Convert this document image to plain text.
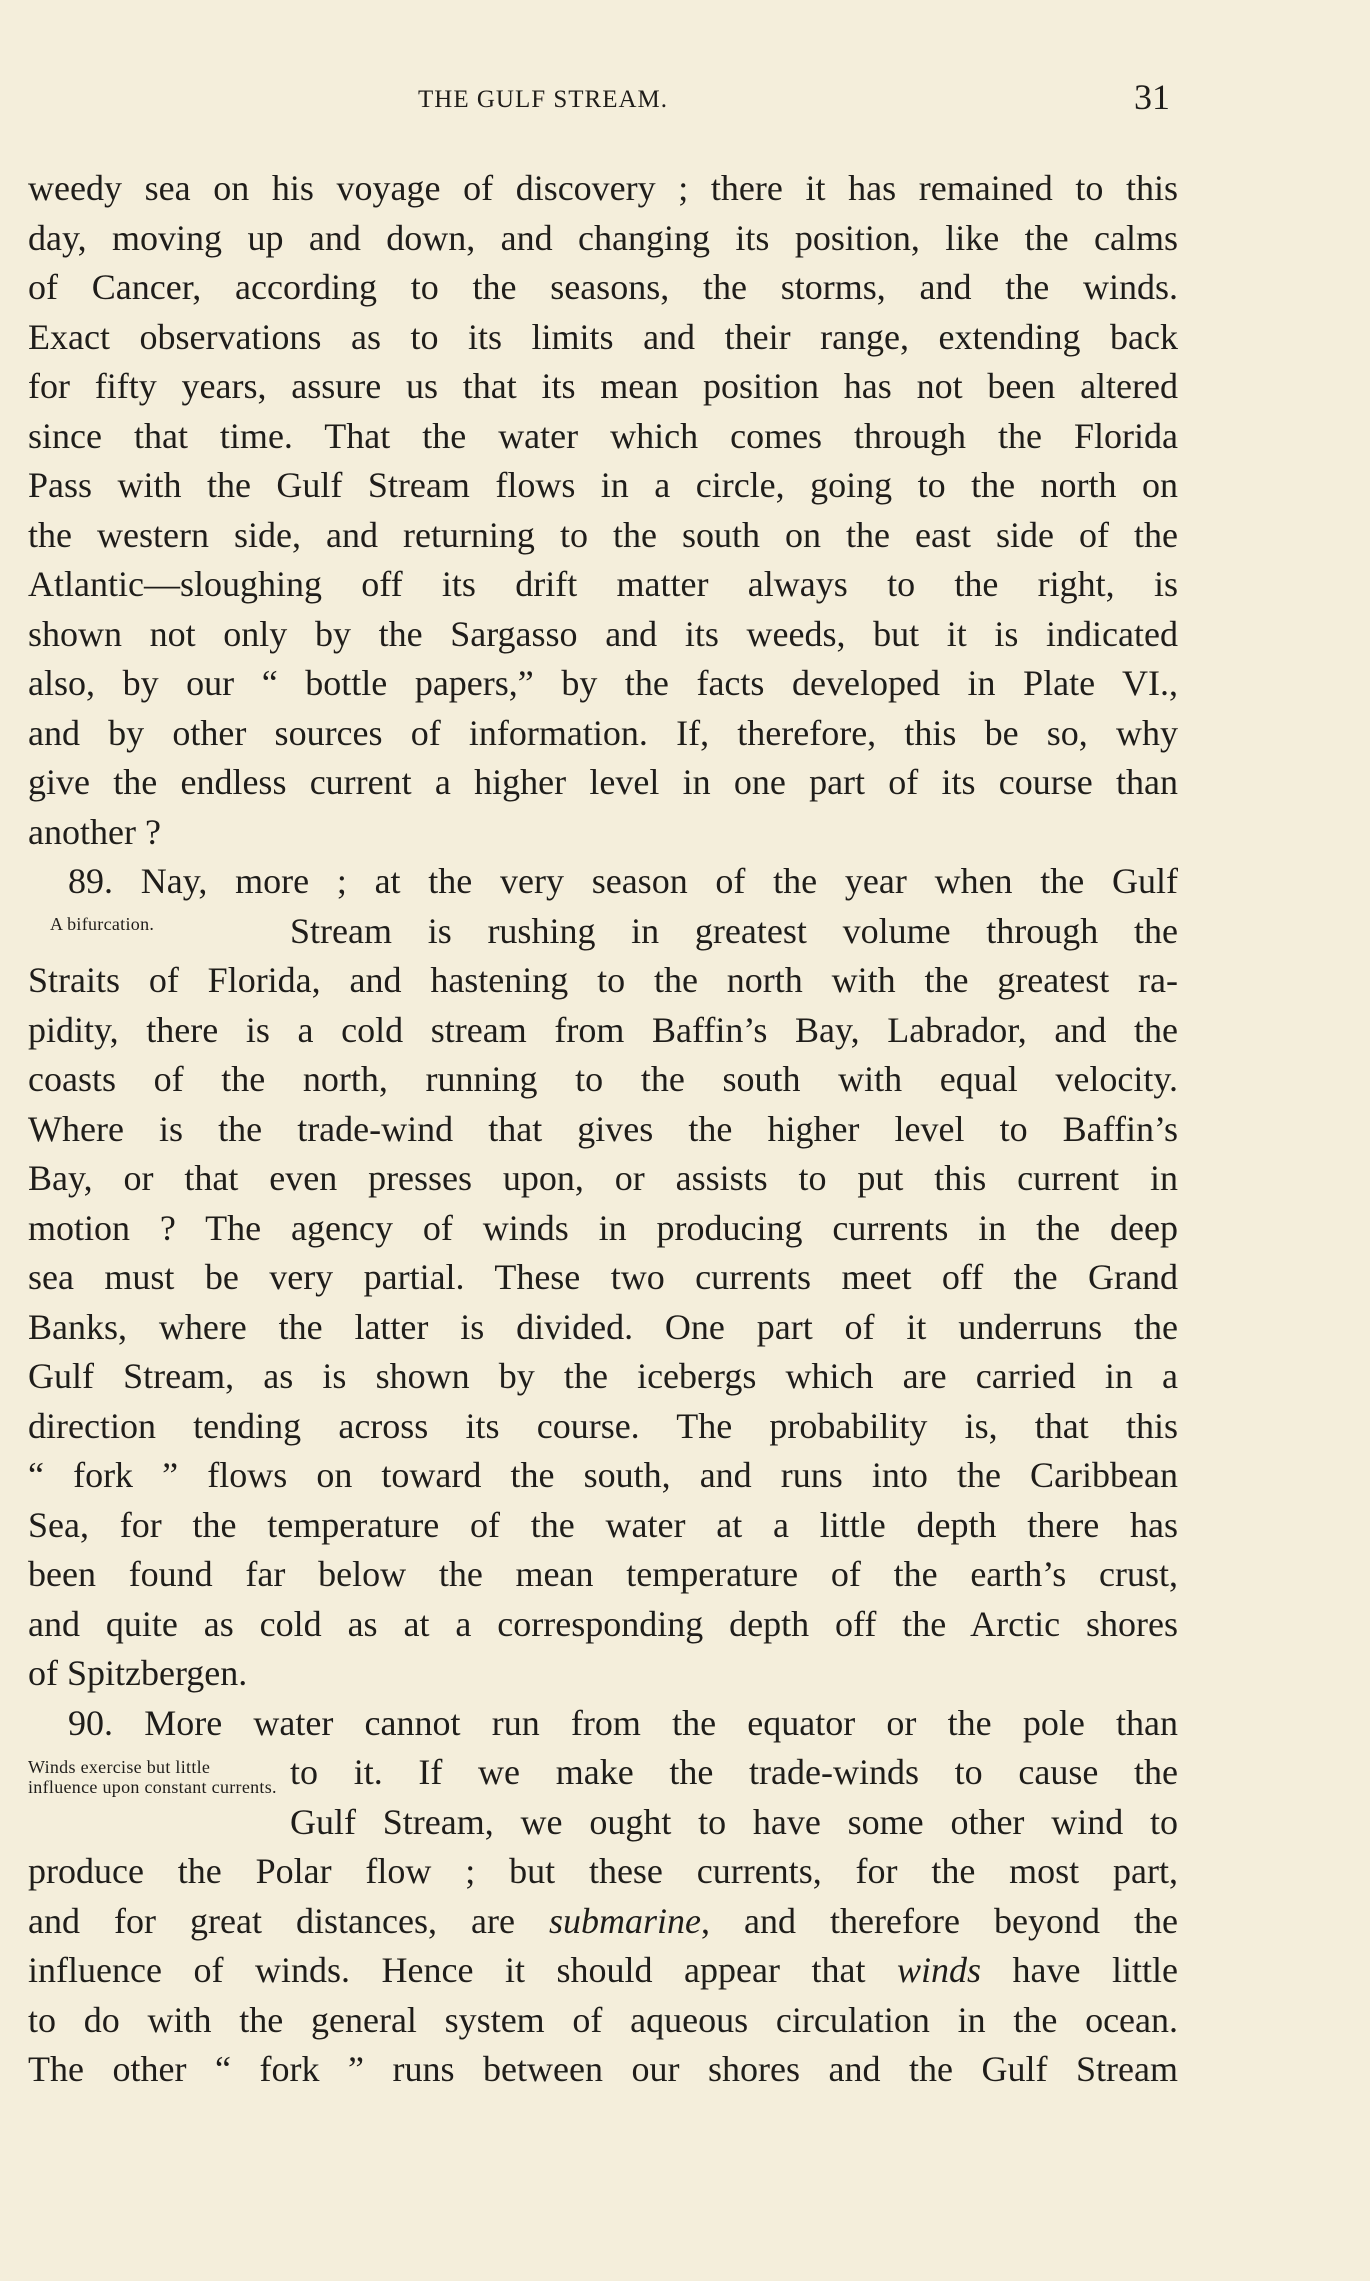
THE GULF STREAM.	31
weedy sea on his voyage of discovery ; there it has remained to this
day, moving up and down, and changing its position, like the calms
of Cancer, according to the seasons, the storms, and the winds.
Exact observations as to its limits and their range, extending back
for fifty years, assure us that its mean position has not been altered
since that time. That the water which comes through the Florida
Pass with the Gulf Stream flows in a circle, going to the north on
the western side, and returning to the south on the east side of the
Atlantic—sloughing off its drift matter always to the right, is
shown not only by the Sargasso and its weeds, but it is indicated
also, by our “ bottle papers,” by the facts developed in Plate VI.,
and by other sources of information. If, therefore, this be so, why
give the endless current a higher level in one part of its course than
another ?
89. Nay, more ; at the very season of the year when the Gulf
Stream is rushing in greatest volume through the
Straits of Florida, and hastening to the north with the greatest ra-
pidity, there is a cold stream from Baffin’s Bay, Labrador, and the
coasts of the north, running to the south with equal velocity.
Where is the trade-wind that gives the higher level to Baffin’s
Bay, or that even presses upon, or assists to put this current in
motion ? The agency of winds in producing currents in the deep
sea must be very partial. These two currents meet off the Grand
Banks, where the latter is divided. One part of it underruns the
Gulf Stream, as is shown by the icebergs which are carried in a
direction tending across its course. The probability is, that this
“ fork ” flows on toward the south, and runs into the Caribbean
Sea, for the temperature of the water at a little depth there has
been found far below the mean temperature of the earth’s crust,
and quite as cold as at a corresponding depth off the Arctic shores
of Spitzbergen.
90. More water cannot run from the equator or the pole than
to it. If we make the trade-winds to cause the
Gulf Stream, we ought to have some other wind to
produce the Polar flow ; but these currents, for the most part,
and for great distances, are submarine, and therefore beyond the
influence of winds. Hence it should appear that winds have little
to do with the general system of aqueous circulation in the ocean.
The other “ fork ” runs between our shores and the Gulf Stream
A bifurcation.
Winds exercise but little influence upon constant currents.
